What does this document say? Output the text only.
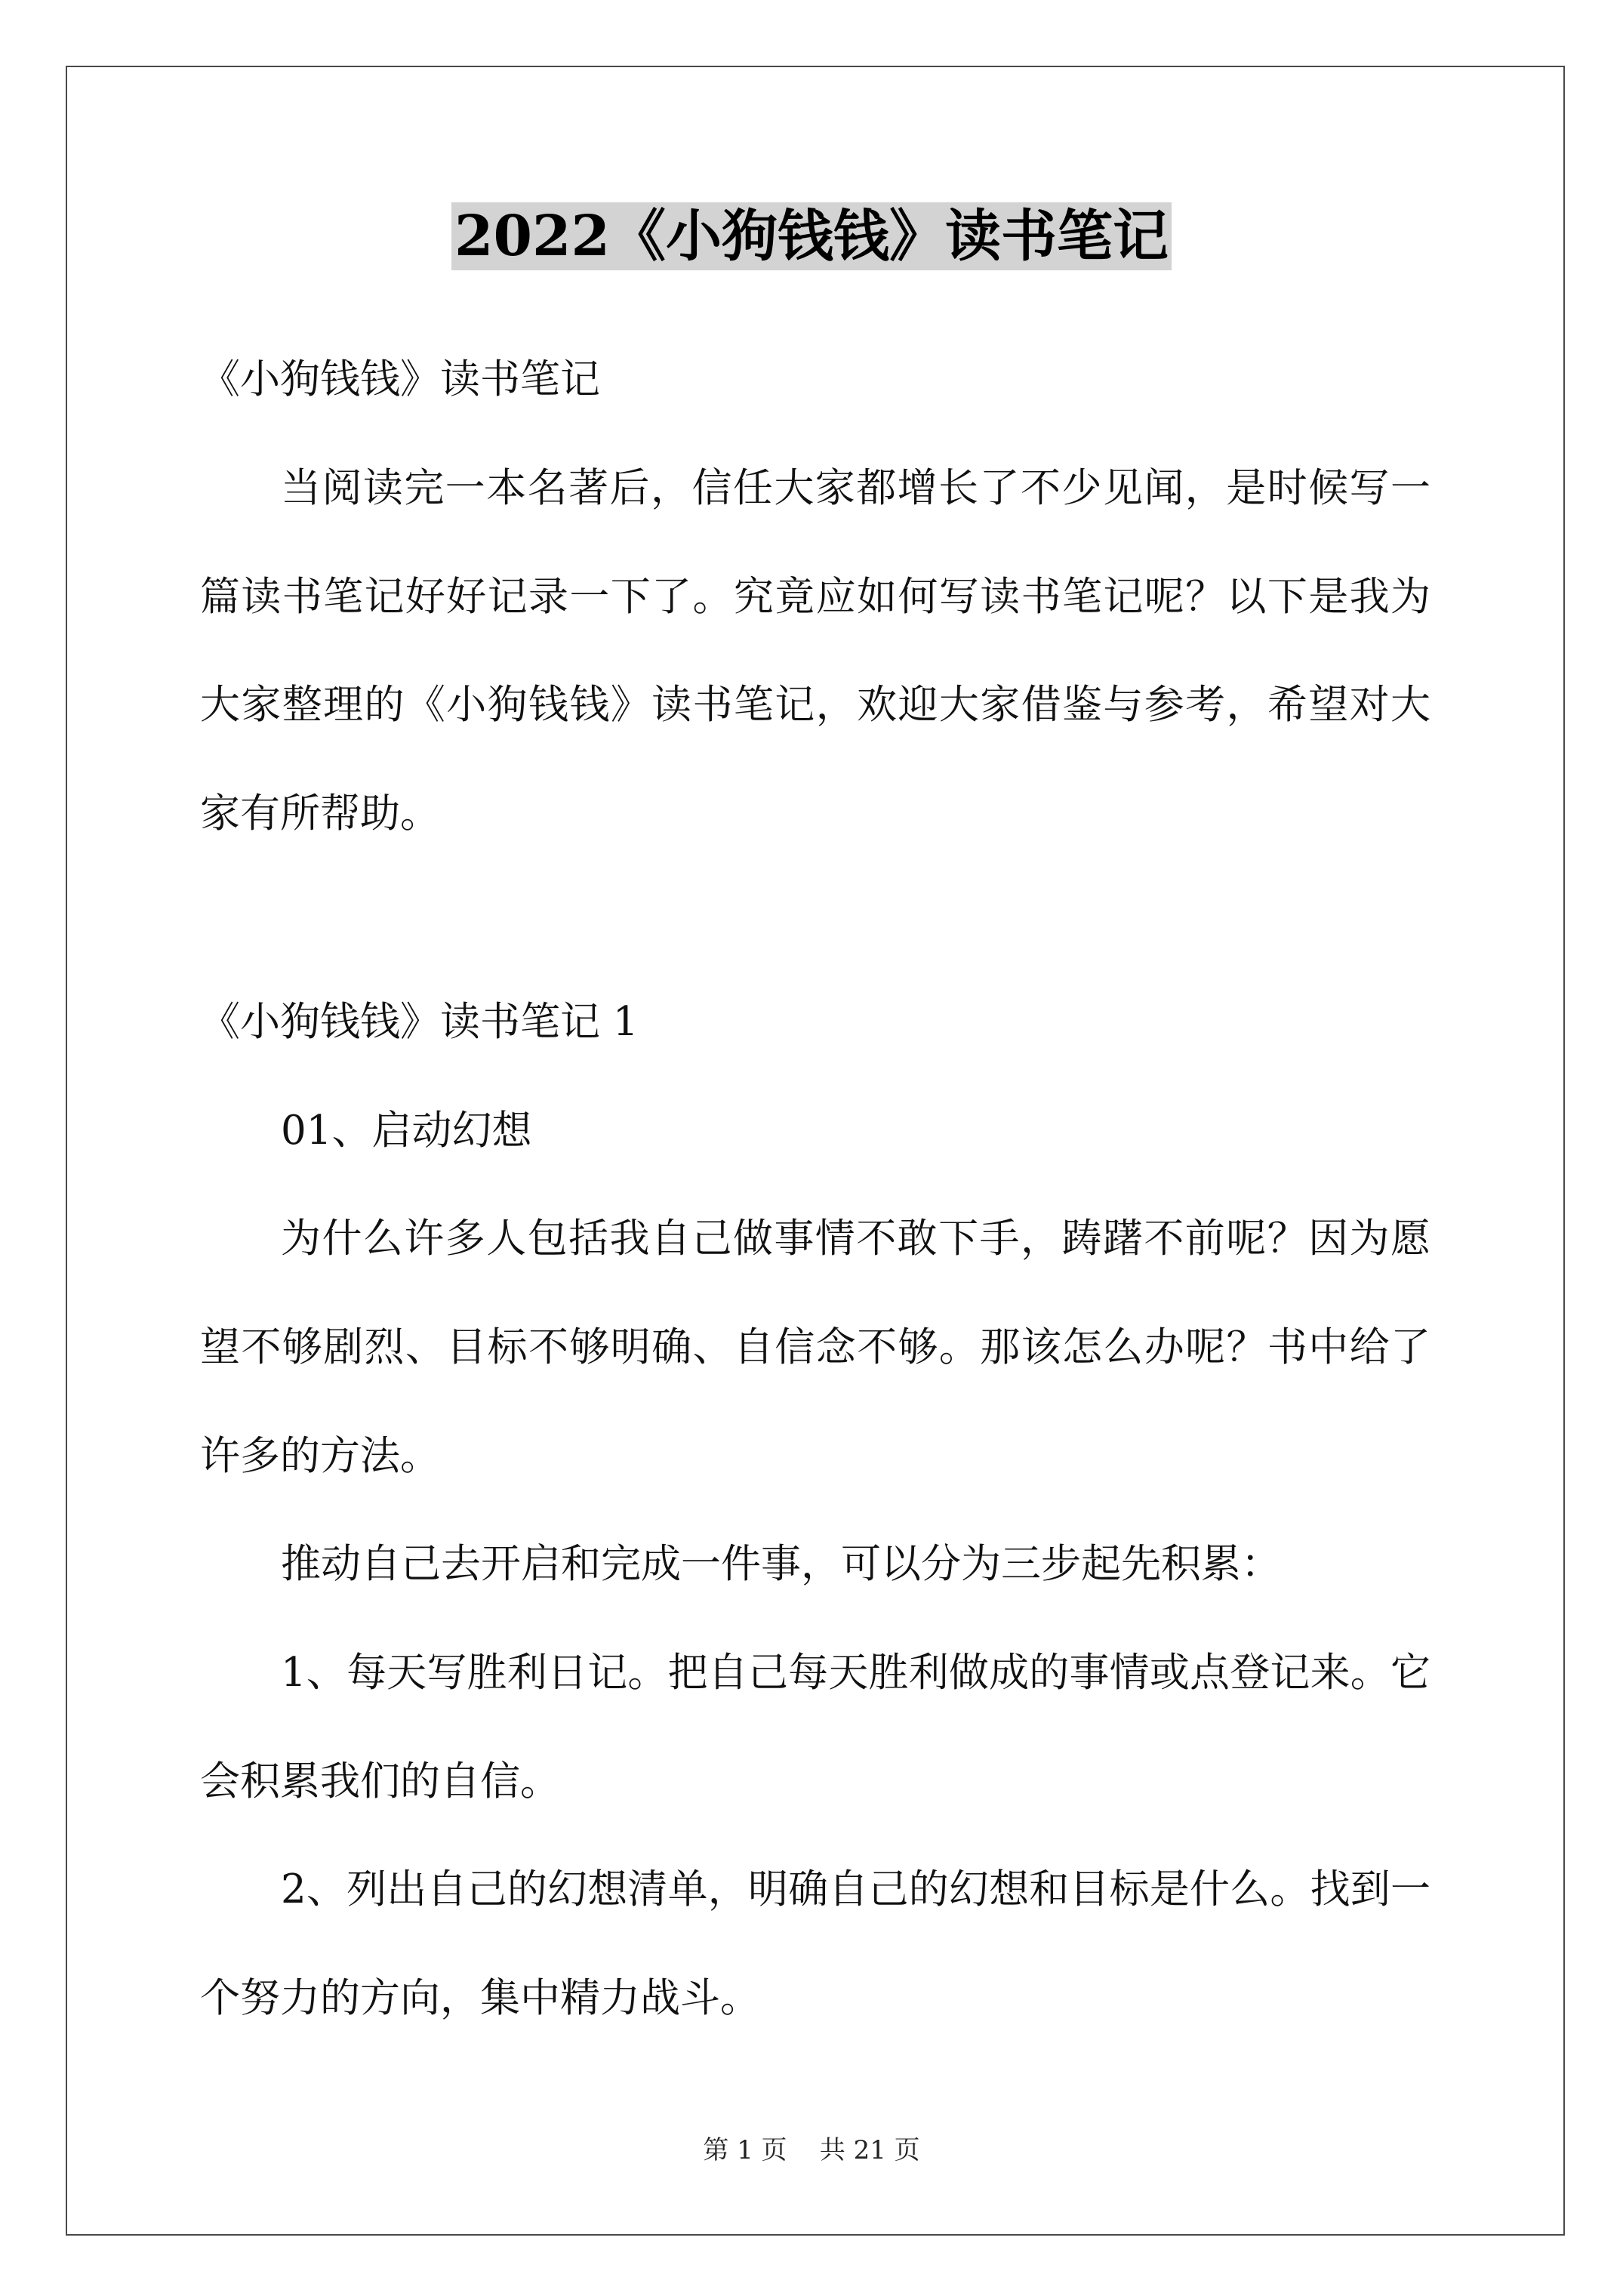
2022《小狗钱钱》读书笔记

《小狗钱钱》读书笔记

当阅读完一本名著后，信任大家都增长了不少见闻，是时候写一

篇读书笔记好好记录一下了。究竟应如何写读书笔记呢？以下是我为

大家整理的《小狗钱钱》读书笔记，欢迎大家借鉴与参考，希望对大

家有所帮助。

《小狗钱钱》读书笔记 1

01、启动幻想

为什么许多人包括我自己做事情不敢下手，踌躇不前呢？因为愿

望不够剧烈、目标不够明确、自信念不够。那该怎么办呢？书中给了

许多的方法。

推动自己去开启和完成一件事，可以分为三步起先积累：

1、每天写胜利日记。把自己每天胜利做成的事情或点登记来。它

会积累我们的自信。

2、列出自己的幻想清单，明确自己的幻想和目标是什么。找到一

个努力的方向，集中精力战斗。

第 1 页    共 21 页
